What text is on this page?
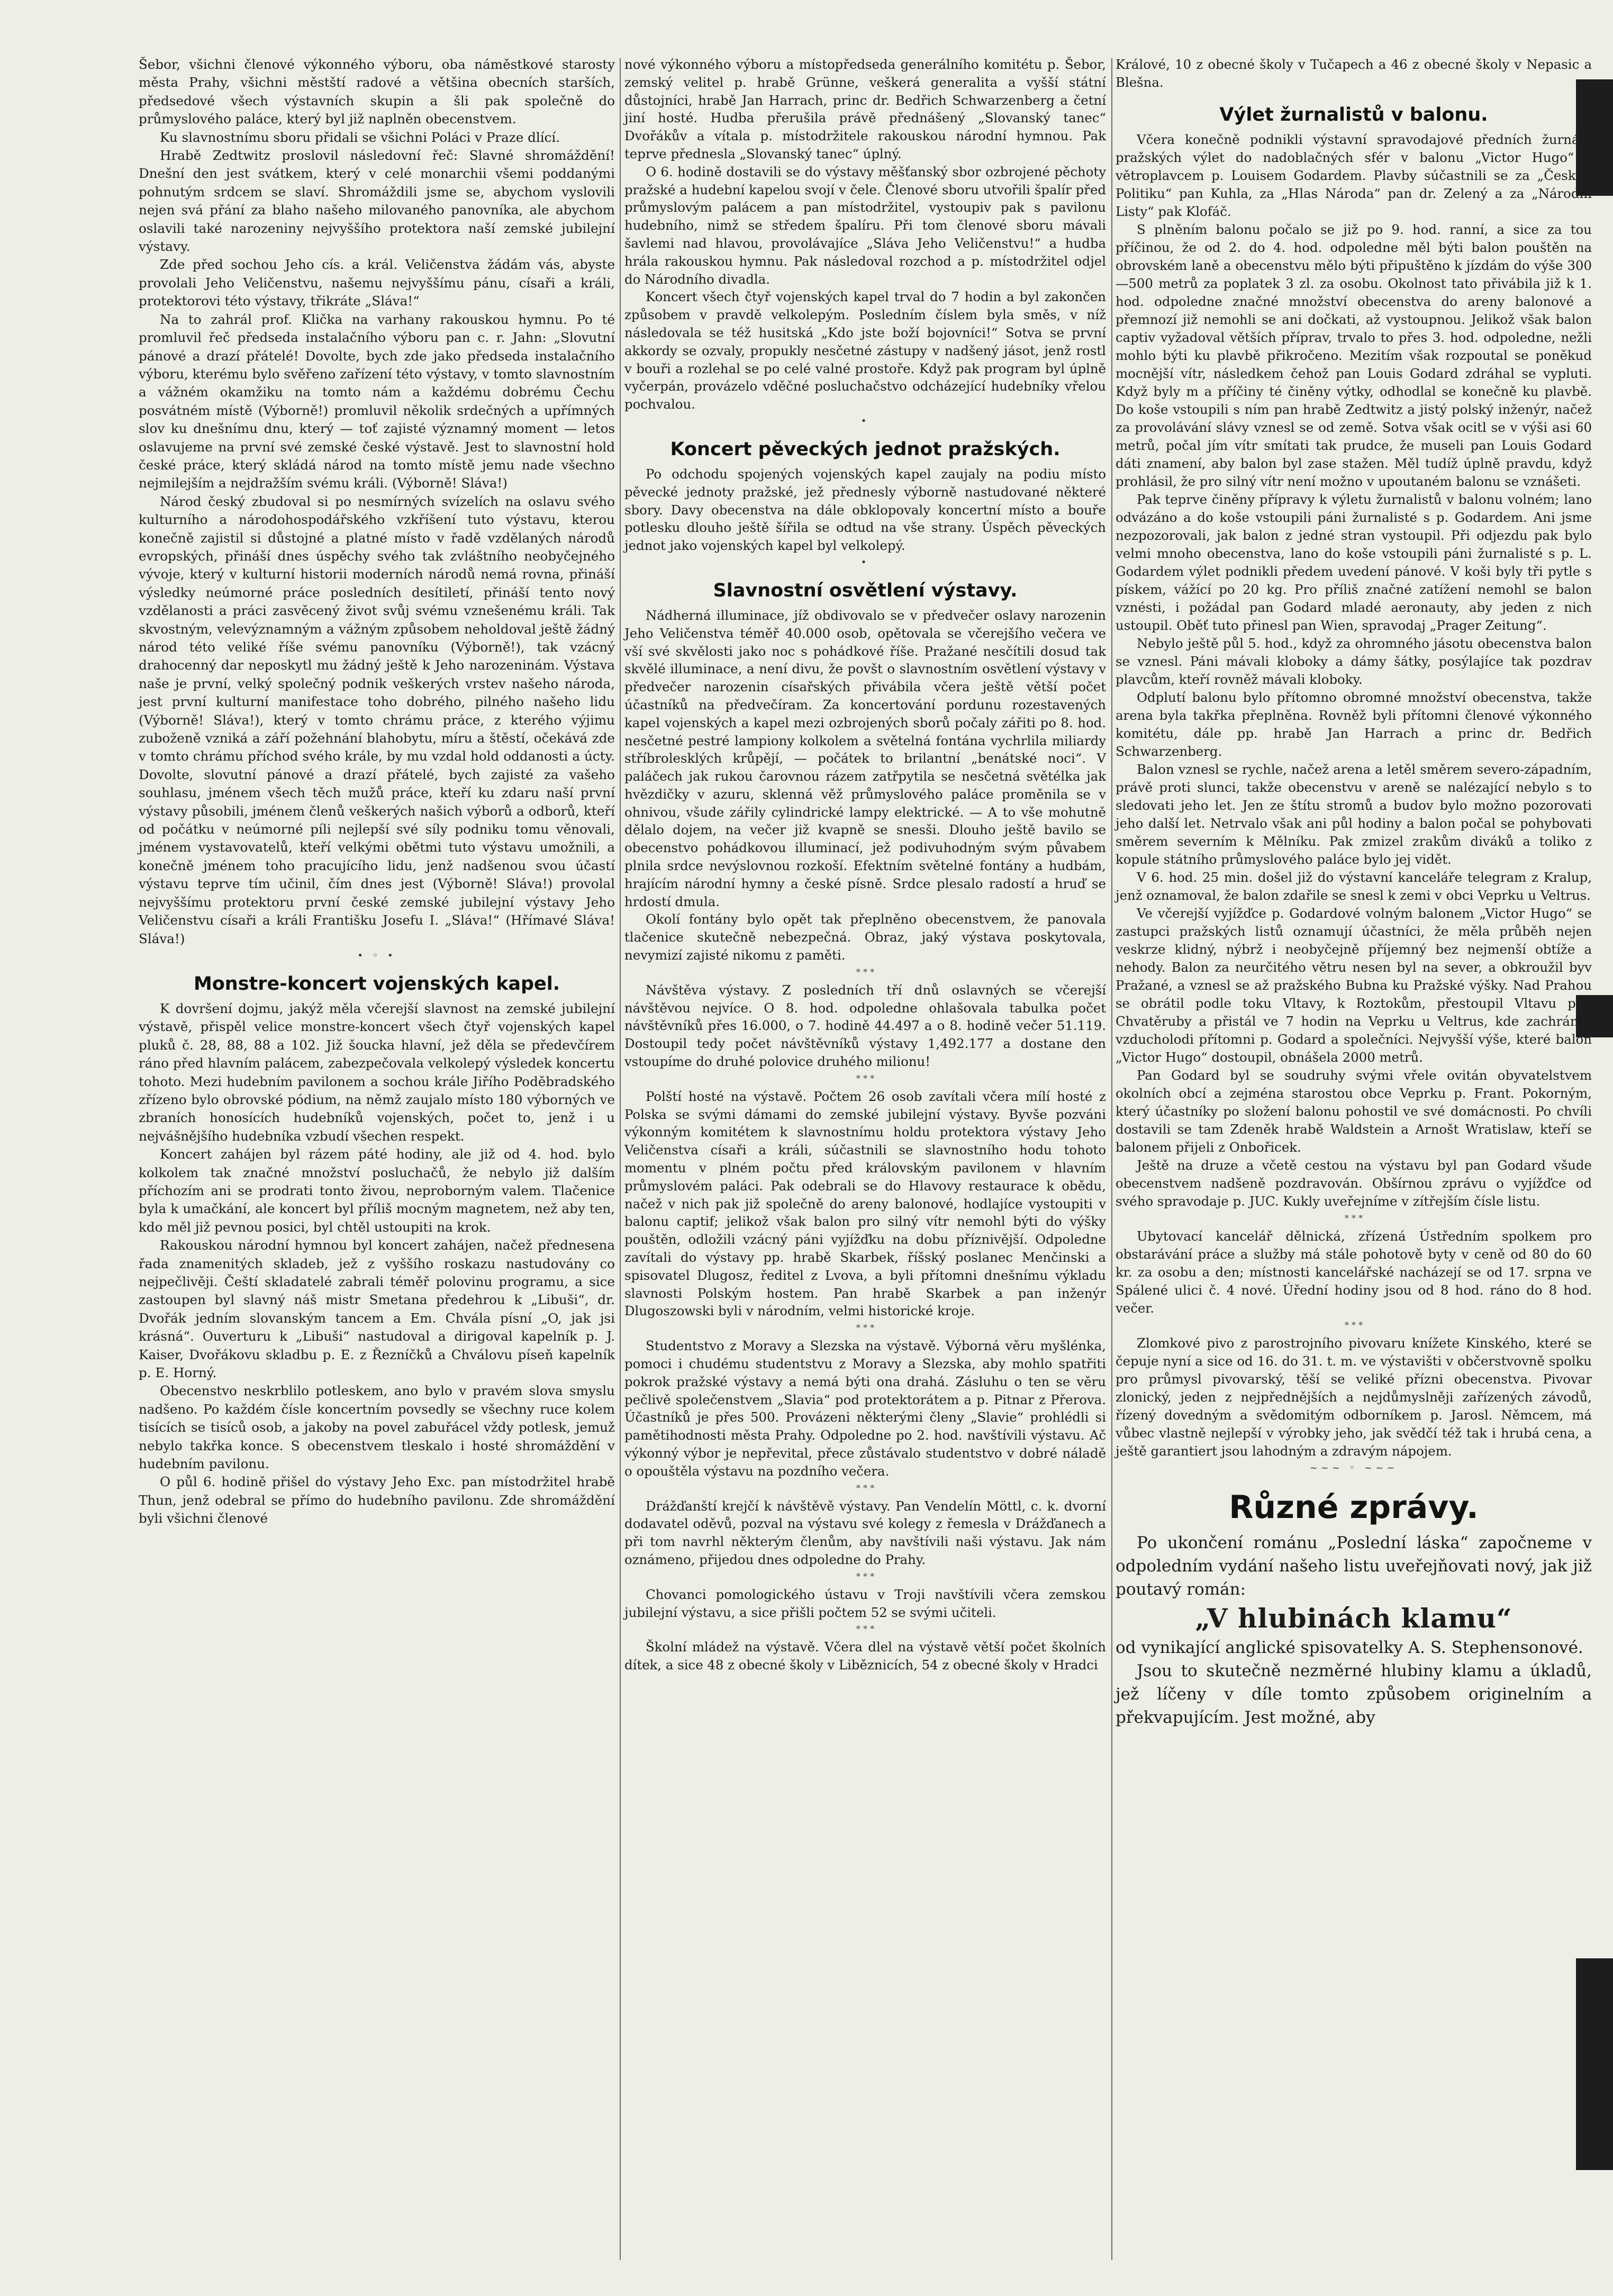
Šebor, všichni členové výkonného výboru, oba náměstkové starosty města Prahy, všichni městští radové a většina obecních starších, předsedové všech výstavních skupin a šli pak společně do průmyslového paláce, který byl již naplněn obecenstvem.

Ku slavnostnímu sboru přidali se všichni Poláci v Praze dlící.

Hrabě Zedtwitz proslovil následovní řeč: Slavné shromáždění! Dnešní den jest svátkem, který v celé monarchii všemi poddanými pohnutým srdcem se slaví. Shromáždili jsme se, abychom vyslovili nejen svá přání za blaho našeho milovaného panovníka, ale abychom oslavili také narozeniny nejvyššího protektora naší zemské jubilejní výstavy.

Zde před sochou Jeho cís. a král. Veličenstva žádám vás, abyste provolali Jeho Veličenstvu, našemu nejvyššímu pánu, císaři a králi, protektorovi této výstavy, třikráte „Sláva!“

Na to zahrál prof. Klička na varhany rakouskou hymnu. Po té promluvil řeč předseda instalačního výboru pan c. r. Jahn: „Slovutní pánové a drazí přátelé! Dovolte, bych zde jako předseda instalačního výboru, kterému bylo svěřeno zařízení této výstavy, v tomto slavnostním a vážném okamžiku na tomto nám a každému dobrému Čechu posvátném místě (Výborně!) promluvil několik srdečných a upřímných slov ku dnešnímu dnu, který — toť zajisté významný moment — letos oslavujeme na první své zemské české výstavě. Jest to slavnostní hold české práce, který skládá národ na tomto místě jemu nade všechno nejmilejším a nejdražším svému králi. (Výborně! Sláva!)

Národ český zbudoval si po nesmírných svízelích na oslavu svého kulturního a národohospodářského vzkříšení tuto výstavu, kterou konečně zajistil si důstojné a platné místo v řadě vzdělaných národů evropských, přináší dnes úspěchy svého tak zvláštního neobyčejného vývoje, který v kulturní historii moderních národů nemá rovna, přináší výsledky neúmorné práce posledních desítiletí, přináší tento nový vzdělanosti a práci zasvěcený život svůj svému vznešenému králi. Tak skvostným, velevýznamným a vážným způsobem neholdoval ještě žádný národ této veliké říše svému panovníku (Výborně!), tak vzácný drahocenný dar neposkytl mu žádný ještě k Jeho narozeninám. Výstava naše je první, velký společný podnik veškerých vrstev našeho národa, jest první kulturní manifestace toho dobrého, pilného našeho lidu (Výborně! Sláva!), který v tomto chrámu práce, z kterého výjimu zuboženě vzniká a září požehnání blahobytu, míru a štěstí, očekává zde v tomto chrámu příchod svého krále, by mu vzdal hold oddanosti a úcty. Dovolte, slovutní pánové a drazí přátelé, bych zajisté za vašeho souhlasu, jménem všech těch mužů práce, kteří ku zdaru naší první výstavy působili, jménem členů veškerých našich výborů a odborů, kteří od počátku v neúmorné píli nejlepší své síly podniku tomu věnovali, jménem vystavovatelů, kteří velkými obětmi tuto výstavu umožnili, a konečně jménem toho pracujícího lidu, jenž nadšenou svou účastí výstavu teprve tím učinil, čím dnes jest (Výborně! Sláva!) provolal nejvyššímu protektoru první české zemské jubilejní výstavy Jeho Veličenstvu císaři a králi Františku Josefu I. „Sláva!“ (Hřímavé Sláva! Sláva!)

• ◦ •
Monstre-koncert vojenských kapel.

K dovršení dojmu, jakýž měla včerejší slavnost na zemské jubilejní výstavě, přispěl velice monstre-koncert všech čtyř vojenských kapel pluků č. 28, 88, 88 a 102. Již šoucka hlavní, jež děla se předevčírem ráno před hlavním palácem, zabezpečovala velkolepý výsledek koncertu tohoto. Mezi hudebním pavilonem a sochou krále Jiřího Poděbradského zřízeno bylo obrovské pódium, na němž zaujalo místo 180 výborných ve zbraních honosících hudebníků vojenských, počet to, jenž i u nejvášnějšího hudebníka vzbudí všechen respekt.

Koncert zahájen byl rázem páté hodiny, ale již od 4. hod. bylo kolkolem tak značné množství posluchačů, že nebylo již dalším příchozím ani se prodrati tonto živou, neproborným valem. Tlačenice byla k umačkání, ale koncert byl příliš mocným magnetem, než aby ten, kdo měl již pevnou posici, byl chtěl ustoupiti na krok.

Rakouskou národní hymnou byl koncert zahájen, načež přednesena řada znamenitých skladeb, jež z vyššího roskazu nastudovány co nejpečlivěji. Čeští skladatelé zabrali téměř polovinu programu, a sice zastoupen byl slavný náš mistr Smetana předehrou k „Libuši“, dr. Dvořák jedním slovanským tancem a Em. Chvála písní „O, jak jsi krásná“. Ouverturu k „Libuši“ nastudoval a dirigoval kapelník p. J. Kaiser, Dvořákovu skladbu p. E. z Řezníčků a Chválovu píseň kapelník p. E. Horný.

Obecenstvo neskrblilo potleskem, ano bylo v pravém slova smyslu nadšeno. Po každém čísle koncertním povsedly se všechny ruce kolem tisících se tisíců osob, a jakoby na povel zabuřácel vždy potlesk, jemuž nebylo takřka konce. S obecenstvem tleskalo i hosté shromáždění v hudebním pavilonu.

O půl 6. hodině přišel do výstavy Jeho Exc. pan místodržitel hrabě Thun, jenž odebral se přímo do hudebního pavilonu. Zde shromáždění byli všichni členové

nové výkonného výboru a místopředseda generálního komitétu p. Šebor, zemský velitel p. hrabě Grünne, veškerá generalita a vyšší státní důstojníci, hrabě Jan Harrach, princ dr. Bedřich Schwarzenberg a četní jiní hosté. Hudba přerušila právě přednášený „Slovanský tanec“ Dvořákův a vítala p. místodržitele rakouskou národní hymnou. Pak teprve přednesla „Slovanský tanec“ úplný.

O 6. hodině dostavili se do výstavy měšťanský sbor ozbrojené pěchoty pražské a hudební kapelou svojí v čele. Členové sboru utvořili špalír před průmyslovým palácem a pan místodržitel, vystoupiv pak s pavilonu hudebního, nimž se středem špalíru. Při tom členové sboru mávali šavlemi nad hlavou, provolávajíce „Sláva Jeho Veličenstvu!“ a hudba hrála rakouskou hymnu. Pak následoval rozchod a p. místodržitel odjel do Národního divadla.

Koncert všech čtyř vojenských kapel trval do 7 hodin a byl zakončen způsobem v pravdě velkolepým. Posledním číslem byla směs, v níž následovala se též husitská „Kdo jste boží bojovníci!“ Sotva se první akkordy se ozvaly, propukly nesčetné zástupy v nadšený jásot, jenž rostl v bouři a rozlehal se po celé valné prostoře. Když pak program byl úplně vyčerpán, provázelo vděčné posluchačstvo odcházející hudebníky vřelou pochvalou.

•
Koncert pěveckých jednot pražských.

Po odchodu spojených vojenských kapel zaujaly na podiu místo pěvecké jednoty pražské, jež přednesly výborně nastudované některé sbory. Davy obecenstva na dále obklopovaly koncertní místo a bouře potlesku dlouho ještě šířila se odtud na vše strany. Úspěch pěveckých jednot jako vojenských kapel byl velkolepý.

•
Slavnostní osvětlení výstavy.

Nádherná illuminace, jíž obdivovalo se v předvečer oslavy narozenin Jeho Veličenstva téměř 40.000 osob, opětovala se včerejšího večera ve vší své skvělosti jako noc s pohádkové říše. Pražané nesčítili dosud tak skvělé illuminace, a není divu, že povšt o slavnostním osvětlení výstavy v předvečer narozenin císařských přivábila včera ještě větší počet účastníků na předvečíram. Za koncertování pordunu rozestavených kapel vojenských a kapel mezi ozbrojených sborů počaly zářiti po 8. hod. nesčetné pestré lampiony kolkolem a světelná fontána vychrlila miliardy stříbrolesklých krůpějí, — počátek to brilantní „benátské noci“. V paláčech jak rukou čarovnou rázem zatřpytila se nesčetná světélka jak hvězdičky v azuru, sklenná věž průmyslového paláce proměnila se v ohnivou, všude zářily cylindrické lampy elektrické. — A to vše mohutně dělalo dojem, na večer již kvapně se snesši. Dlouho ještě bavilo se obecenstvo pohádkovou illuminací, jež podivuhodným svým půvabem plnila srdce nevýslovnou rozkoší. Efektním světelné fontány a hudbám, hrajícím národní hymny a české písně. Srdce plesalo radostí a hruď se hrdostí dmula.

Okolí fontány bylo opět tak přeplněno obecenstvem, že panovala tlačenice skutečně nebezpečná. Obraz, jaký výstava poskytovala, nevymizí zajisté nikomu z paměti.

* * *

Návštěva výstavy. Z posledních tří dnů oslavných se včerejší návštěvou nejvíce. O 8. hod. odpoledne ohlašovala tabulka počet návštěvníků přes 16.000, o 7. hodině 44.497 a o 8. hodině večer 51.119. Dostoupil tedy počet návštěvníků výstavy 1,492.177 a dostane den vstoupíme do druhé polovice druhého milionu!

* * *

Polští hosté na výstavě. Počtem 26 osob zavítali včera mílí hosté z Polska se svými dámami do zemské jubilejní výstavy. Byvše pozváni výkonným komitétem k slavnostnímu holdu protektora výstavy Jeho Veličenstva císaři a králi, súčastnili se slavnostního hodu tohoto momentu v plném počtu před královským pavilonem v hlavním průmyslovém paláci. Pak odebrali se do Hlavovy restaurace k obědu, načež v nich pak již společně do areny balonové, hodlajíce vystoupiti v balonu captif; jelikož však balon pro silný vítr nemohl býti do výšky pouštěn, odložili vzácný páni vyjížďku na dobu příznivější. Odpoledne zavítali do výstavy pp. hrabě Skarbek, říšský poslanec Menčinski a spisovatel Dlugosz, ředitel z Lvova, a byli přítomni dnešnímu výkladu slavnosti Polským hostem. Pan hrabě Skarbek a pan inženýr Dlugoszowski byli v národním, velmi historické kroje.

* * *

Studentstvo z Moravy a Slezska na výstavě. Výborná věru myšlénka, pomoci i chudému studentstvu z Moravy a Slezska, aby mohlo spatřiti pokrok pražské výstavy a nemá býti ona drahá. Zásluhu o ten se věru pečlivě společenstvem „Slavia“ pod protektorátem a p. Pitnar z Přerova. Účastníků je přes 500. Provázeni některými členy „Slavie“ prohlédli si pamětihodnosti města Prahy. Odpoledne po 2. hod. navštívili výstavu. Ač výkonný výbor je nepřevital, přece zůstávalo studentstvo v dobré náladě o opouštěla výstavu na pozdního večera.

* * *

Drážďanští krejčí k návštěvě výstavy. Pan Vendelín Möttl, c. k. dvorní dodavatel oděvů, pozval na výstavu své kolegy z řemesla v Drážďanech a při tom navrhl některým členům, aby navštívili naši výstavu. Jak nám oznámeno, přijedou dnes odpoledne do Prahy.

* * *

Chovanci pomologického ústavu v Troji navštívili včera zemskou jubilejní výstavu, a sice přišli počtem 52 se svými učiteli.

* * *

Školní mládež na výstavě. Včera dlel na výstavě větší počet školních dítek, a sice 48 z obecné školy v Liběznicích, 54 z obecné školy v Hradci

Králové, 10 z obecné školy v Tučapech a 46 z obecné školy v Nepasic a Blešna.

Výlet žurnalistů v balonu.

Včera konečně podnikli výstavní spravodajové předních žurnálů pražských výlet do nadoblačných sfér v balonu „Victor Hugo“ s větroplavcem p. Louisem Godardem. Plavby súčastnili se za „Českou Politiku“ pan Kuhla, za „Hlas Národa“ pan dr. Zelený a za „Národní Listy“ pak Klofáč.

S plněním balonu počalo se již po 9. hod. ranní, a sice za tou příčinou, že od 2. do 4. hod. odpoledne měl býti balon pouštěn na obrovském laně a obecenstvu mělo býti připuštěno k jízdám do výše 300—500 metrů za poplatek 3 zl. za osobu. Okolnost tato přivábila již k 1. hod. odpoledne značné množství obecenstva do areny balonové a přemnozí již nemohli se ani dočkati, až vystoupnou. Jelikož však balon captiv vyžadoval větších příprav, trvalo to přes 3. hod. odpoledne, nežli mohlo býti ku plavbě přikročeno. Mezitím však rozpoutal se poněkud mocnější vítr, následkem čehož pan Louis Godard zdráhal se vypluti. Když byly m a příčiny té činěny výtky, odhodlal se konečně ku plavbě. Do koše vstoupili s ním pan hrabě Zedtwitz a jistý polský inženýr, načež za provolávání slávy vznesl se od země. Sotva však ocitl se v výši asi 60 metrů, počal jím vítr smítati tak prudce, že museli pan Louis Godard dáti znamení, aby balon byl zase stažen. Měl tudíž úplně pravdu, když prohlásil, že pro silný vítr není možno v upoutaném balonu se vznášeti.

Pak teprve činěny přípravy k výletu žurnalistů v balonu volném; lano odvázáno a do koše vstoupili páni žurnalisté s p. Godardem. Ani jsme nezpozorovali, jak balon z jedné stran vystoupil. Při odjezdu pak bylo velmi mnoho obecenstva, lano do koše vstoupili páni žurnalisté s p. L. Godardem výlet podnikli předem uvedení pánové. V koši byly tři pytle s pískem, vážící po 20 kg. Pro příliš značné zatížení nemohl se balon vznésti, i požádal pan Godard mladé aeronauty, aby jeden z nich ustoupil. Oběť tuto přinesl pan Wien, spravodaj „Prager Zeitung“.

Nebylo ještě půl 5. hod., když za ohromného jásotu obecenstva balon se vznesl. Páni mávali kloboky a dámy šátky, posýlajíce tak pozdrav plavcům, kteří rovněž mávali kloboky.

Odplutí balonu bylo přítomno obromné množství obecenstva, takže arena byla takřka přeplněna. Rovněž byli přítomni členové výkonného komitétu, dále pp. hrabě Jan Harrach a princ dr. Bedřich Schwarzenberg.

Balon vznesl se rychle, načež arena a letěl směrem severo-západním, právě proti slunci, takže obecenstvu v areně se nalézající nebylo s to sledovati jeho let. Jen ze štítu stromů a budov bylo možno pozorovati jeho další let. Netrvalo však ani půl hodiny a balon počal se pohybovati směrem severním k Mělníku. Pak zmizel zrakům diváků a toliko z kopule státního průmyslového paláce bylo jej vidět.

V 6. hod. 25 min. došel již do výstavní kanceláře telegram z Kralup, jenž oznamoval, že balon zdařile se snesl k zemi v obci Veprku u Veltrus.

Ve včerejší vyjížďce p. Godardové volným balonem „Victor Hugo“ se zastupci pražských listů oznamují účastníci, že měla průběh nejen veskrze klidný, nýbrž i neobyčejně příjemný bez nejmenší obtíže a nehody. Balon za neurčitého větru nesen byl na sever, a obkroužil byv Pražané, a vznesl se až pražského Bubna ku Pražské výšky. Nad Prahou se obrátil podle toku Vltavy, k Roztokům, přestoupil Vltavu pod Chvatěruby a přistál ve 7 hodin na Veprku u Veltrus, kde zachrániti vzducholodi přítomni p. Godard a společníci. Nejvyšší výše, které balon „Victor Hugo“ dostoupil, obnášela 2000 metrů.

Pan Godard byl se soudruhy svými vřele ovitán obyvatelstvem okolních obcí a zejména starostou obce Veprku p. Frant. Pokorným, který účastníky po složení balonu pohostil ve své domácnosti. Po chvíli dostavili se tam Zdeněk hrabě Waldstein a Arnošt Wratislaw, kteří se balonem přijeli z Onbořicek.

Ještě na druze a včetě cestou na výstavu byl pan Godard všude obecenstvem nadšeně pozdravován. Obšírnou zprávu o vyjížďce od svého spravodaje p. JUC. Kukly uveřejníme v zítřejším čísle listu.

* * *

Ubytovací kancelář dělnická, zřízená Ústředním spolkem pro obstarávání práce a služby má stále pohotově byty v ceně od 80 do 60 kr. za osobu a den; místnosti kancelářské nacházejí se od 17. srpna ve Spálené ulici č. 4 nové. Úřední hodiny jsou od 8 hod. ráno do 8 hod. večer.

* * *

Zlomkové pivo z parostrojního pivovaru knížete Kinského, které se čepuje nyní a sice od 16. do 31. t. m. ve výstavišti v občerstvovně spolku pro průmysl pivovarský, těší se veliké přízni obecenstva. Pivovar zlonický, jeden z nejpřednějších a nejdůmyslněji zařízených závodů, řízený dovedným a svědomitým odborníkem p. Jarosl. Němcem, má vůbec vlastně nejlepší v výrobky jeho, jak svědčí též tak i hrubá cena, a ještě garantiert jsou lahodným a zdravým nápojem.

~~~ ◦ ~~~
Různé zprávy.

Po ukončení románu „Poslední láska“ započneme v odpoledním vydání našeho listu uveřejňovati nový, jak již poutavý román:

„V hlubinách klamu“

od vynikající anglické spisovatelky A. S. Stephensonové.

Jsou to skutečně nezměrné hlubiny klamu a úkladů, jež líčeny v díle tomto způsobem originelním a překvapujícím. Jest možné, aby
